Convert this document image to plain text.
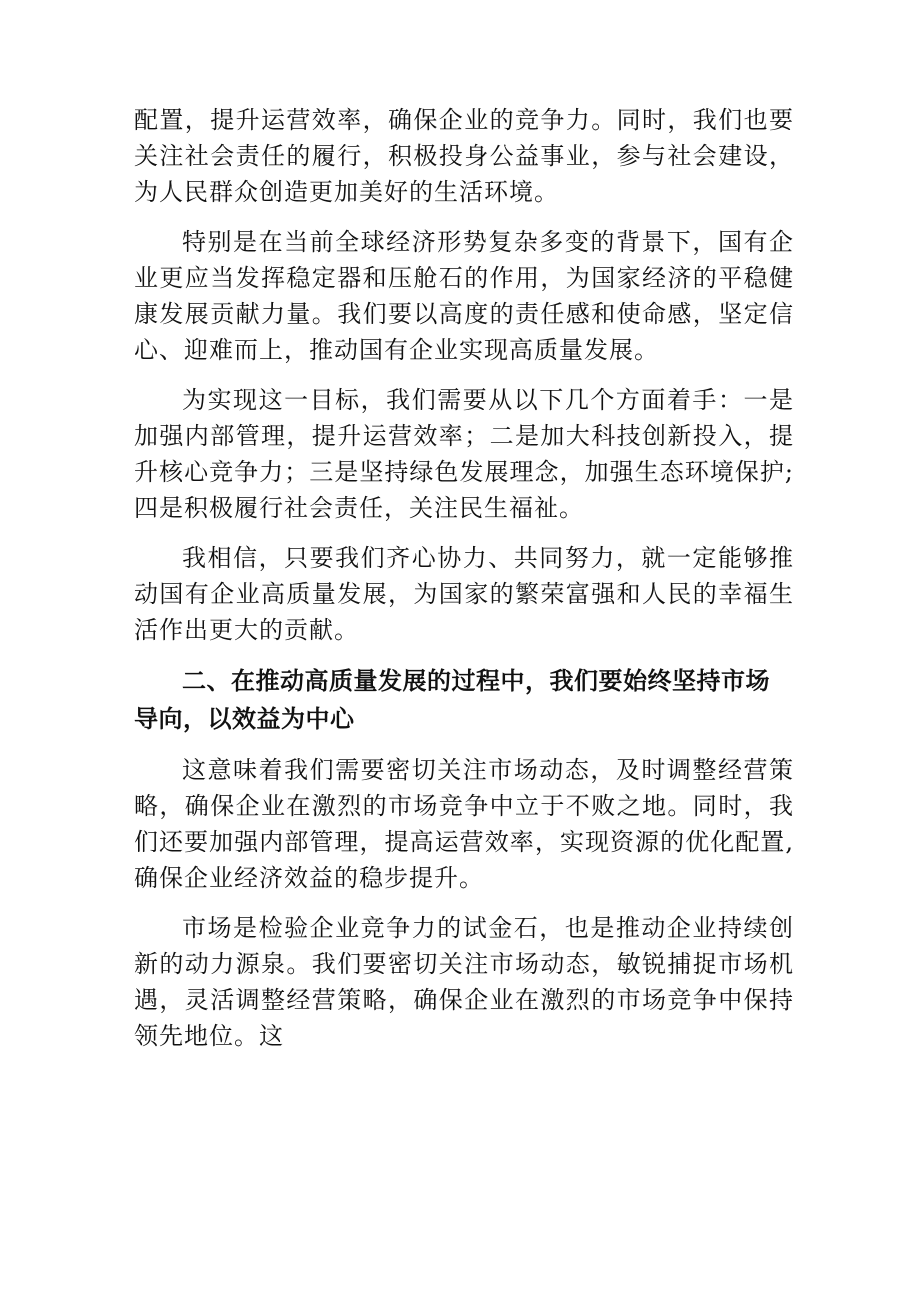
配置，提升运营效率，确保企业的竞争力。同时，我们也要关注社会责任的履行，积极投身公益事业，参与社会建设，为人民群众创造更加美好的生活环境。

特别是在当前全球经济形势复杂多变的背景下，国有企业更应当发挥稳定器和压舱石的作用，为国家经济的平稳健康发展贡献力量。我们要以高度的责任感和使命感，坚定信心、迎难而上，推动国有企业实现高质量发展。

为实现这一目标，我们需要从以下几个方面着手：一是加强内部管理，提升运营效率；二是加大科技创新投入，提升核心竞争力；三是坚持绿色发展理念，加强生态环境保护;四是积极履行社会责任，关注民生福祉。

我相信，只要我们齐心协力、共同努力，就一定能够推动国有企业高质量发展，为国家的繁荣富强和人民的幸福生活作出更大的贡献。

二、在推动高质量发展的过程中，我们要始终坚持市场导向，以效益为中心

这意味着我们需要密切关注市场动态，及时调整经营策略，确保企业在激烈的市场竞争中立于不败之地。同时，我们还要加强内部管理，提高运营效率，实现资源的优化配置,确保企业经济效益的稳步提升。

市场是检验企业竞争力的试金石，也是推动企业持续创新的动力源泉。我们要密切关注市场动态，敏锐捕捉市场机遇，灵活调整经营策略，确保企业在激烈的市场竞争中保持领先地位。这
